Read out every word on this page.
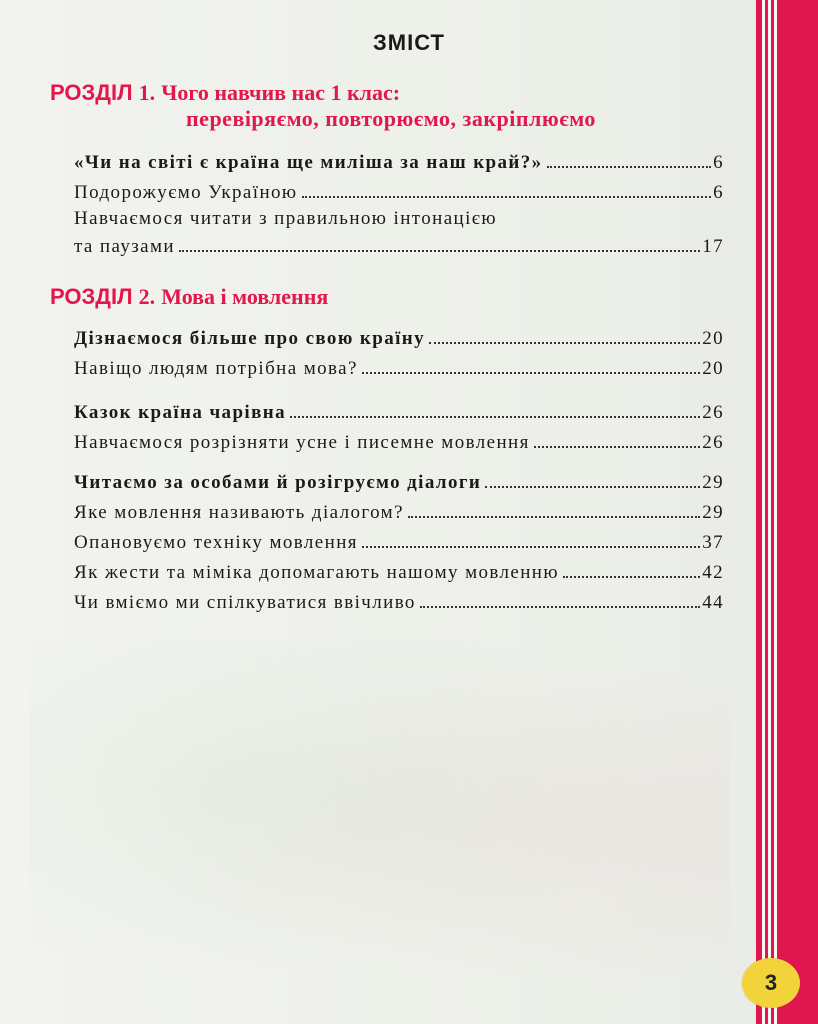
ЗМІСТ
РОЗДІЛ 1. Чого навчив нас 1 клас:
перевіряємо, повторюємо, закріплюємо
«Чи на світі є країна ще миліша за наш край?»	6
Подорожуємо Україною	6
Навчаємося читати з правильною інтонацією
та паузами	17
РОЗДІЛ 2. Мова і мовлення
Дізнаємося більше про свою країну	20
Навіщо людям потрібна мова?	20
Казок країна чарівна	26
Навчаємося розрізняти усне і писемне мовлення	26
Читаємо за особами й розігруємо діалоги	29
Яке мовлення називають діалогом?	29
Опановуємо техніку мовлення	37
Як жести та міміка допомагають нашому мовленню	42
Чи вміємо ми спілкуватися ввічливо	44
3
